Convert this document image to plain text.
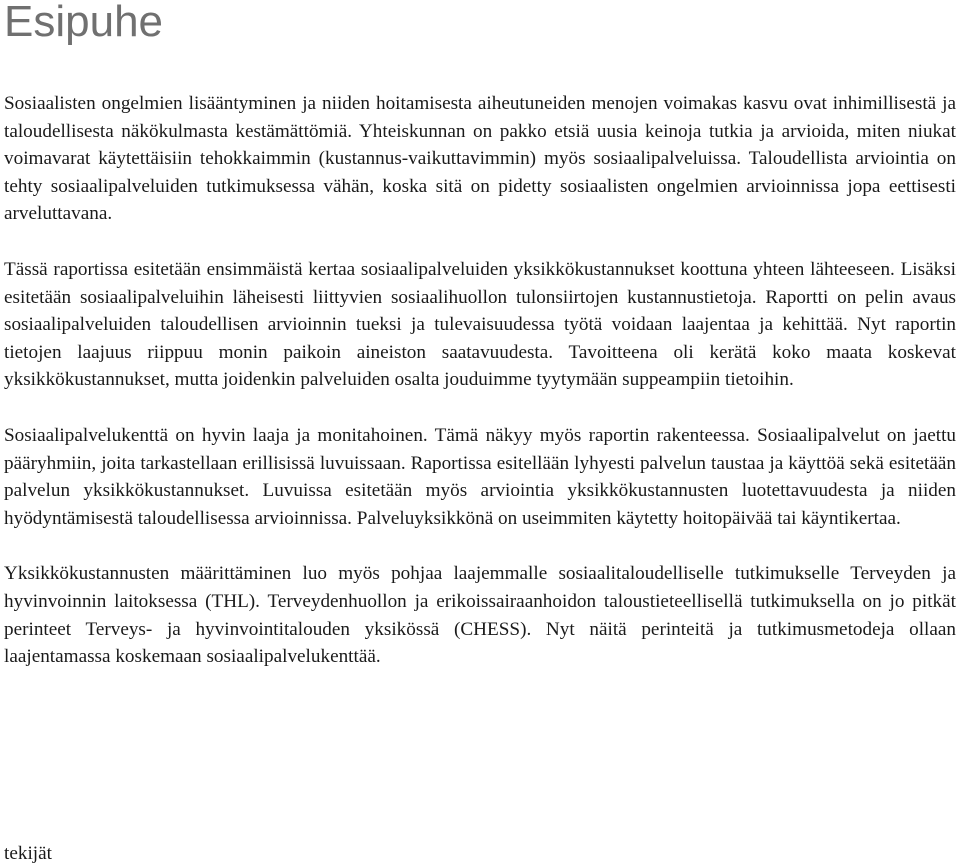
Esipuhe

Sosiaalisten ongelmien lisääntyminen ja niiden hoitamisesta aiheutuneiden menojen voimakas kasvu ovat inhimillisestä ja taloudellisesta näkökulmasta kestämättömiä. Yhteiskunnan on pakko etsiä uusia keinoja tutkia ja arvioida, miten niukat voimavarat käytettäisiin tehokkaimmin (kustannus-vaikuttavimmin) myös sosiaalipalveluissa. Taloudellista arviointia on tehty sosiaalipalveluiden tutkimuksessa vähän, koska sitä on pidetty sosiaalisten ongelmien arvioinnissa jopa eettisesti arveluttavana.

Tässä raportissa esitetään ensimmäistä kertaa sosiaalipalveluiden yksikkökustannukset koottuna yhteen lähteeseen. Lisäksi esitetään sosiaalipalveluihin läheisesti liittyvien sosiaalihuollon tulonsiirtojen kustannustietoja. Raportti on pelin avaus sosiaalipalveluiden taloudellisen arvioinnin tueksi ja tulevaisuudessa työtä voidaan laajentaa ja kehittää. Nyt raportin tietojen laajuus riippuu monin paikoin aineiston saatavuudesta. Tavoitteena oli kerätä koko maata koskevat yksikkökustannukset, mutta joidenkin palveluiden osalta jouduimme tyytymään suppeampiin tietoihin.

Sosiaalipalvelukenttä on hyvin laaja ja monitahoinen. Tämä näkyy myös raportin rakenteessa. Sosiaalipalvelut on jaettu pääryhmiin, joita tarkastellaan erillisissä luvuissaan. Raportissa esitellään lyhyesti palvelun taustaa ja käyttöä sekä esitetään palvelun yksikkökustannukset. Luvuissa esitetään myös arviointia yksikkökustannusten luotettavuudesta ja niiden hyödyntämisestä taloudellisessa arvioinnissa. Palveluyksikkönä on useimmiten käytetty hoitopäivää tai käyntikertaa.

Yksikkökustannusten määrittäminen luo myös pohjaa laajemmalle sosiaalitaloudelliselle tutkimukselle Terveyden ja hyvinvoinnin laitoksessa (THL). Terveydenhuollon ja erikoissairaanhoidon taloustieteellisellä tutkimuksella on jo pitkät perinteet Terveys- ja hyvinvointitalouden yksikössä (CHESS). Nyt näitä perinteitä ja tutkimusmetodeja ollaan laajentamassa koskemaan sosiaalipalvelukenttää.

tekijät
